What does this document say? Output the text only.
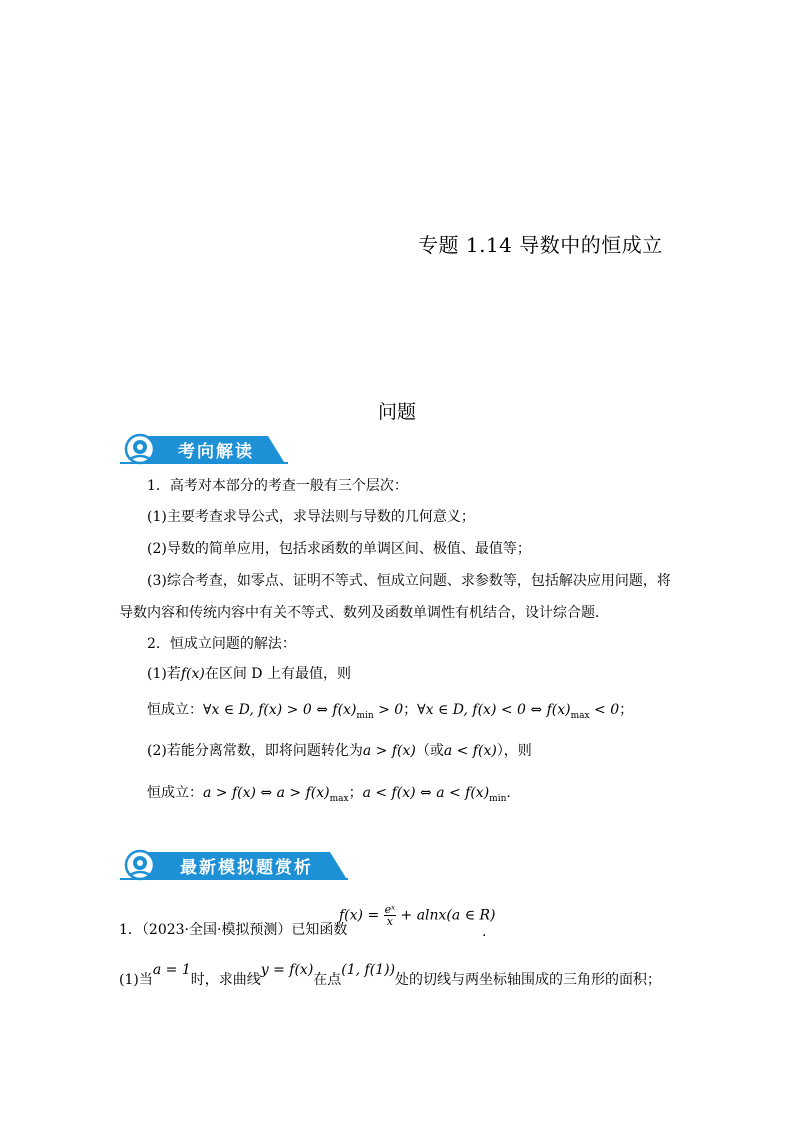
专题 1.14 导数中的恒成立
问题
考向解读
1．高考对本部分的考查一般有三个层次：
(1)主要考查求导公式，求导法则与导数的几何意义；
(2)导数的简单应用，包括求函数的单调区间、极值、最值等；
(3)综合考查，如零点、证明不等式、恒成立问题、求参数等，包括解决应用问题，将
导数内容和传统内容中有关不等式、数列及函数单调性有机结合，设计综合题．
2．恒成立问题的解法：
(1)若f(x)在区间 D 上有最值，则
恒成立：∀x ∈ D, f(x) > 0 ⇔ $f(x)_{min} > 0$；∀x ∈ D, f(x) < 0 ⇔ $f(x)_{max} < 0$；
(2)若能分离常数，即将问题转化为a > f(x)（或a < f(x)），则
恒成立：a > f(x) ⇔ $a > f(x)_{max}$；a < f(x) ⇔ $a < f(x)_{min}$.
最新模拟题赏析
1．（2023·全国·模拟预测）已知函数
$f(x) = \frac{\text{eˣ}}{x} + alnx(a$ ∈ R)
.
(1)当a = 1时，求曲线y = f(x)在点(1, f(1))处的切线与两坐标轴围成的三角形的面积；
